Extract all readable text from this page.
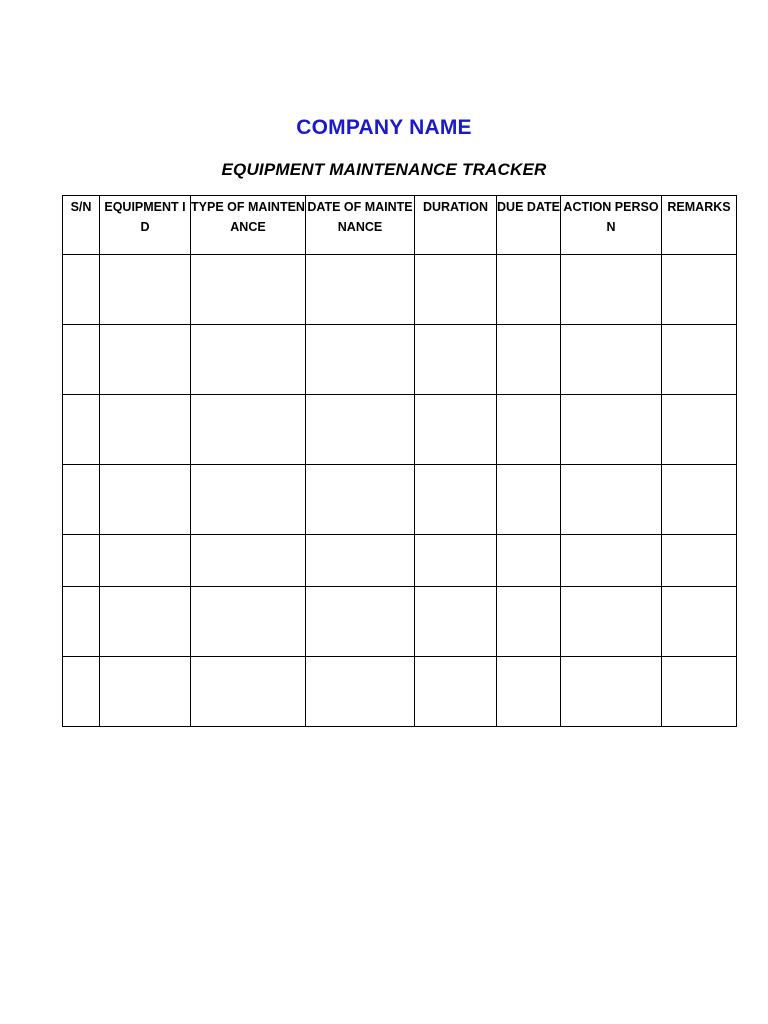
COMPANY NAME
EQUIPMENT MAINTENANCE TRACKER
S/N	EQUIPMENT ID	TYPE OF MAINTENANCE	DATE OF MAINTENANCE	DURATION	DUE DATE	ACTION PERSON	REMARKS
